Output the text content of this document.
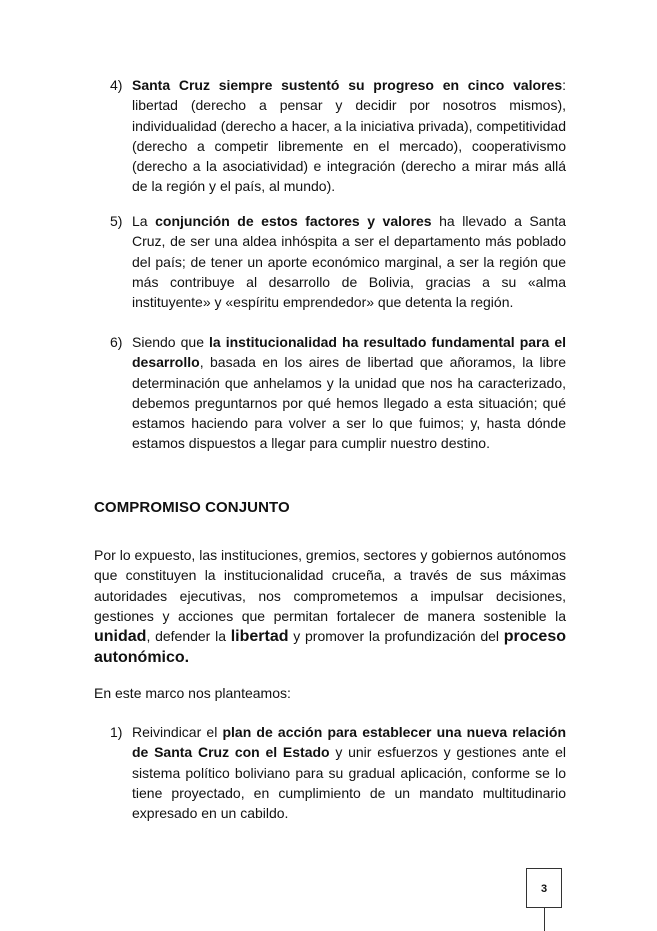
4) Santa Cruz siempre sustentó su progreso en cinco valores: libertad (derecho a pensar y decidir por nosotros mismos), individualidad (derecho a hacer, a la iniciativa privada), competitividad (derecho a competir libremente en el mercado), cooperativismo (derecho a la asociatividad) e integración (derecho a mirar más allá de la región y el país, al mundo).
5) La conjunción de estos factores y valores ha llevado a Santa Cruz, de ser una aldea inhóspita a ser el departamento más poblado del país; de tener un aporte económico marginal, a ser la región que más contribuye al desarrollo de Bolivia, gracias a su «alma instituyente» y «espíritu emprendedor» que detenta la región.
6) Siendo que la institucionalidad ha resultado fundamental para el desarrollo, basada en los aires de libertad que añoramos, la libre determinación que anhelamos y la unidad que nos ha caracterizado, debemos preguntarnos por qué hemos llegado a esta situación; qué estamos haciendo para volver a ser lo que fuimos; y, hasta dónde estamos dispuestos a llegar para cumplir nuestro destino.
COMPROMISO CONJUNTO
Por lo expuesto, las instituciones, gremios, sectores y gobiernos autónomos que constituyen la institucionalidad cruceña, a través de sus máximas autoridades ejecutivas, nos comprometemos a impulsar decisiones, gestiones y acciones que permitan fortalecer de manera sostenible la unidad, defender la libertad y promover la profundización del proceso autonómico.
En este marco nos planteamos:
1) Reivindicar el plan de acción para establecer una nueva relación de Santa Cruz con el Estado y unir esfuerzos y gestiones ante el sistema político boliviano para su gradual aplicación, conforme se lo tiene proyectado, en cumplimiento de un mandato multitudinario expresado en un cabildo.
3
